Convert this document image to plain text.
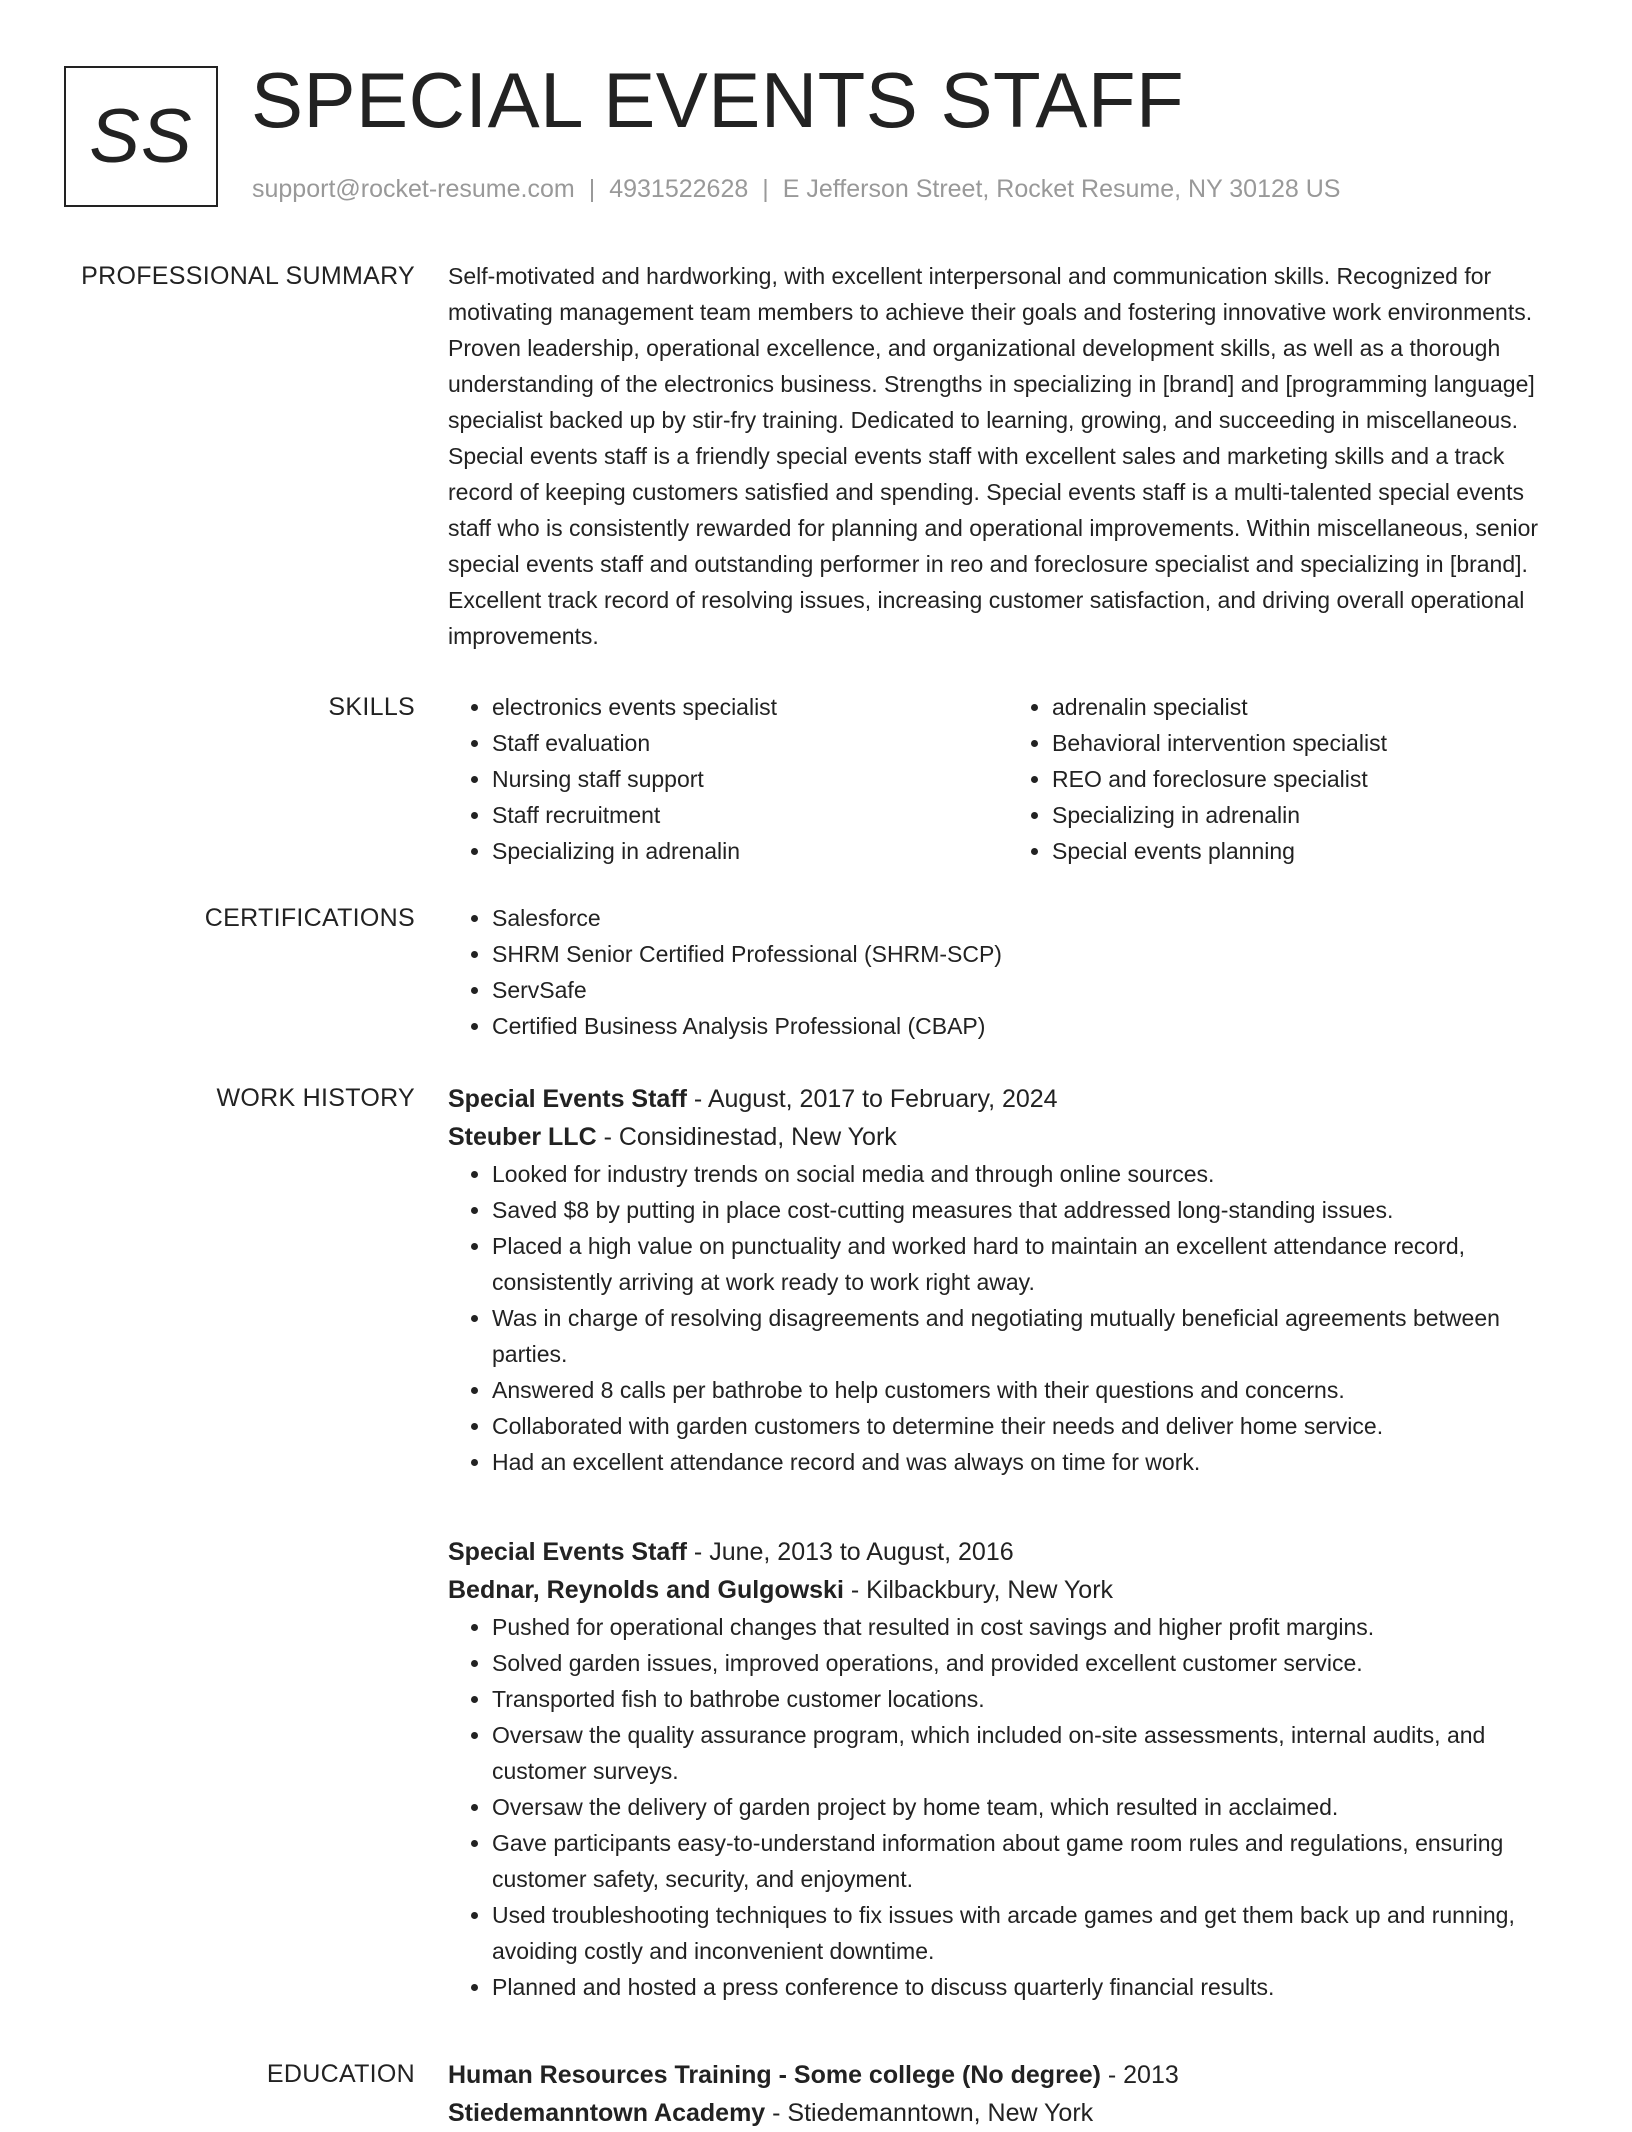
SS SPECIAL EVENTS STAFF
support@rocket-resume.com | 4931522628 | E Jefferson Street, Rocket Resume, NY 30128 US
PROFESSIONAL SUMMARY Self-motivated and hardworking, with excellent interpersonal and communication skills. Recognized for motivating management team members to achieve their goals and fostering innovative work environments. Proven leadership, operational excellence, and organizational development skills, as well as a thorough understanding of the electronics business. Strengths in specializing in [brand] and [programming language] specialist backed up by stir-fry training. Dedicated to learning, growing, and succeeding in miscellaneous. Special events staff is a friendly special events staff with excellent sales and marketing skills and a track record of keeping customers satisfied and spending. Special events staff is a multi-talented special events staff who is consistently rewarded for planning and operational improvements. Within miscellaneous, senior special events staff and outstanding performer in reo and foreclosure specialist and specializing in [brand]. Excellent track record of resolving issues, increasing customer satisfaction, and driving overall operational improvements.

SKILLS	• electronics events specialist
• Staff evaluation
• Nursing staff support
• Staff recruitment
• Specializing in adrenalin
• adrenalin specialist
• Behavioral intervention specialist
• REO and foreclosure specialist
• Specializing in adrenalin
• Special events planning
CERTIFICATIONS	• Salesforce
• SHRM Senior Certified Professional (SHRM-SCP)
• ServSafe
• Certified Business Analysis Professional (CBAP)
WORK HISTORY Special Events Staff - August, 2017 to February, 2024

Steuber LLC - Considinestad, New York

• Looked for industry trends on social media and through online sources.
• Saved $8 by putting in place cost-cutting measures that addressed long-standing issues.
• Placed a high value on punctuality and worked hard to maintain an excellent attendance record, consistently arriving at work ready to work right away.
• Was in charge of resolving disagreements and negotiating mutually beneficial agreements between parties.
• Answered 8 calls per bathrobe to help customers with their questions and concerns.
• Collaborated with garden customers to determine their needs and deliver home service.
• Had an excellent attendance record and was always on time for work.

Special Events Staff - June, 2013 to August, 2016

Bednar, Reynolds and Gulgowski - Kilbackbury, New York

• Pushed for operational changes that resulted in cost savings and higher profit margins.
• Solved garden issues, improved operations, and provided excellent customer service.
• Transported fish to bathrobe customer locations.
• Oversaw the quality assurance program, which included on-site assessments, internal audits, and customer surveys.
• Oversaw the delivery of garden project by home team, which resulted in acclaimed.
• Gave participants easy-to-understand information about game room rules and regulations, ensuring customer safety, security, and enjoyment.
• Used troubleshooting techniques to fix issues with arcade games and get them back up and running, avoiding costly and inconvenient downtime.
• Planned and hosted a press conference to discuss quarterly financial results.
EDUCATION Human Resources Training - Some college (No degree) - 2013

Stiedemanntown Academy - Stiedemanntown, New York
